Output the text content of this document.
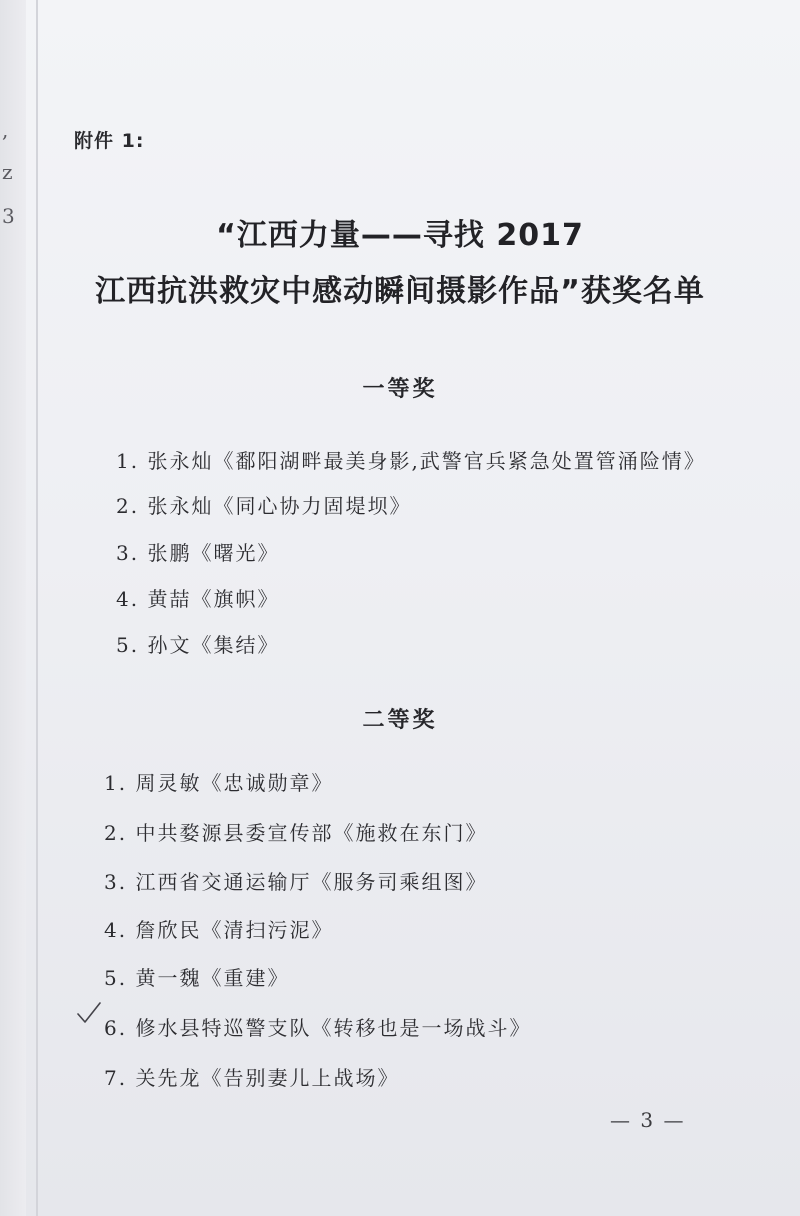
,
z
3
附件 1:
“江西力量——寻找 2017
江西抗洪救灾中感动瞬间摄影作品”获奖名单
一等奖
1. 张永灿《鄱阳湖畔最美身影,武警官兵紧急处置管涌险情》
2. 张永灿《同心协力固堤坝》
3. 张鹏《曙光》
4. 黄喆《旗帜》
5. 孙文《集结》
二等奖
1. 周灵敏《忠诚勋章》
2. 中共婺源县委宣传部《施救在东门》
3. 江西省交通运输厅《服务司乘组图》
4. 詹欣民《清扫污泥》
5. 黄一魏《重建》
6. 修水县特巡警支队《转移也是一场战斗》
7. 关先龙《告别妻儿上战场》
— 3 —
